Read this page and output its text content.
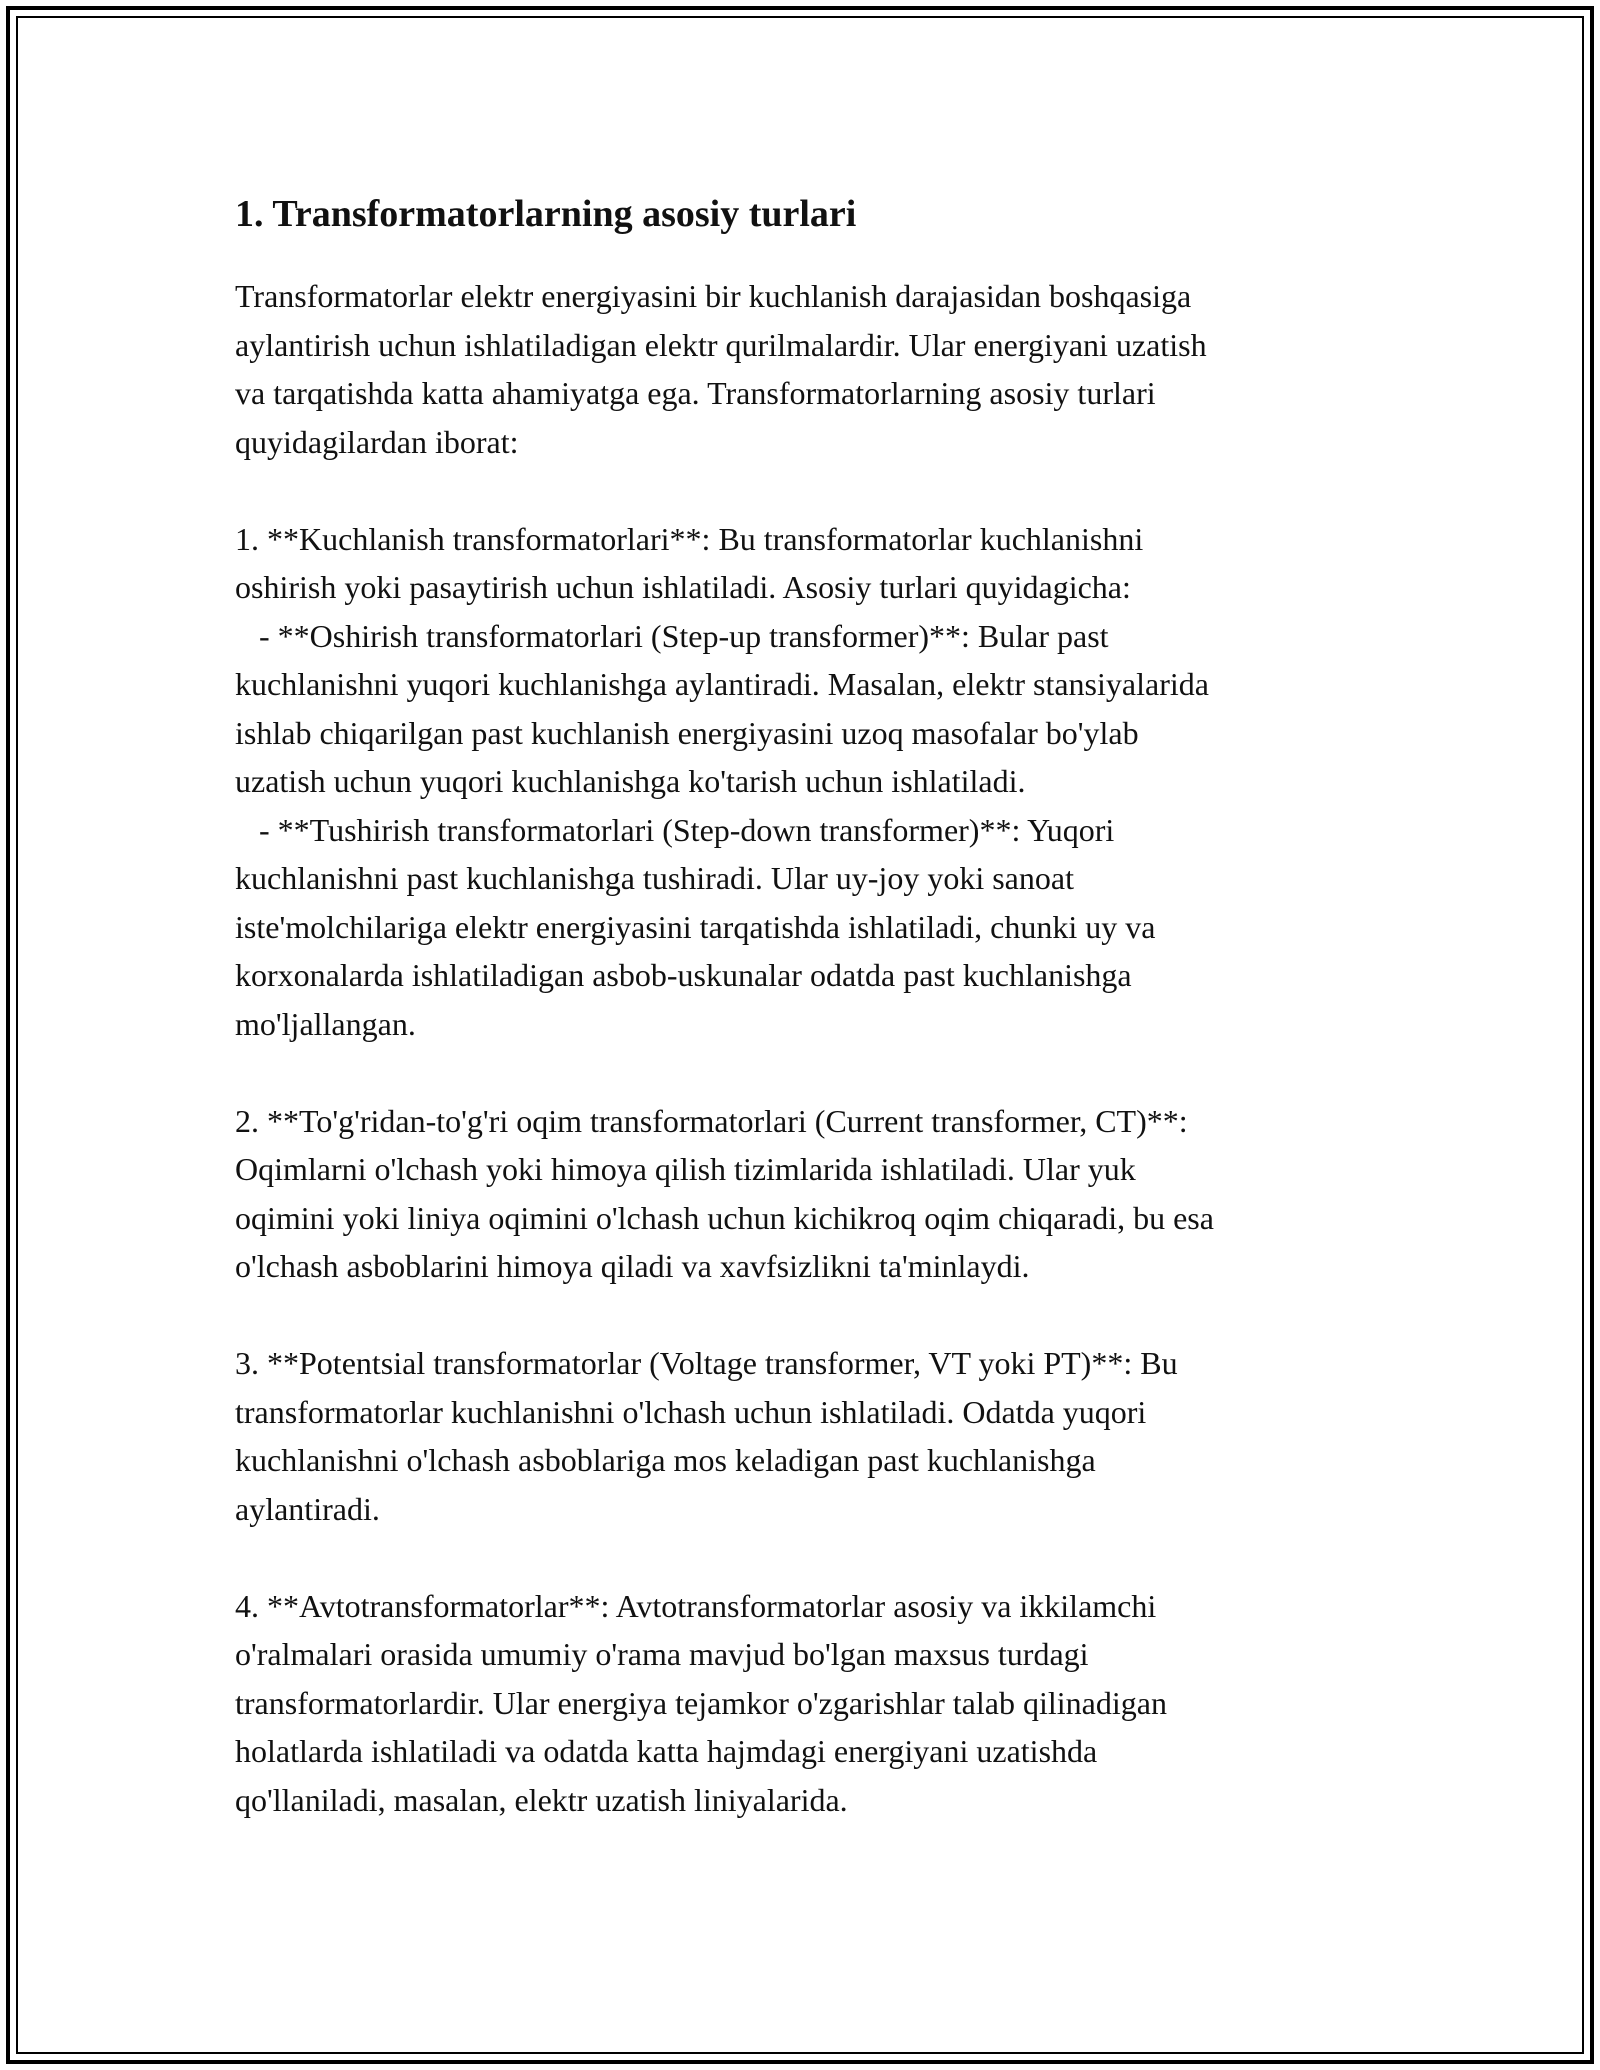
1. Transformatorlarning asosiy turlari

Transformatorlar elektr energiyasini bir kuchlanish darajasidan boshqasiga
aylantirish uchun ishlatiladigan elektr qurilmalardir. Ular energiyani uzatish
va tarqatishda katta ahamiyatga ega. Transformatorlarning asosiy turlari
quyidagilardan iborat:

1. **Kuchlanish transformatorlari**: Bu transformatorlar kuchlanishni
oshirish yoki pasaytirish uchun ishlatiladi. Asosiy turlari quyidagicha:
- **Oshirish transformatorlari (Step-up transformer)**: Bular past
kuchlanishni yuqori kuchlanishga aylantiradi. Masalan, elektr stansiyalarida
ishlab chiqarilgan past kuchlanish energiyasini uzoq masofalar bo'ylab
uzatish uchun yuqori kuchlanishga ko'tarish uchun ishlatiladi.
- **Tushirish transformatorlari (Step-down transformer)**: Yuqori
kuchlanishni past kuchlanishga tushiradi. Ular uy-joy yoki sanoat
iste'molchilariga elektr energiyasini tarqatishda ishlatiladi, chunki uy va
korxonalarda ishlatiladigan asbob-uskunalar odatda past kuchlanishga
mo'ljallangan.

2. **To'g'ridan-to'g'ri oqim transformatorlari (Current transformer, CT)**:
Oqimlarni o'lchash yoki himoya qilish tizimlarida ishlatiladi. Ular yuk
oqimini yoki liniya oqimini o'lchash uchun kichikroq oqim chiqaradi, bu esa
o'lchash asboblarini himoya qiladi va xavfsizlikni ta'minlaydi.

3. **Potentsial transformatorlar (Voltage transformer, VT yoki PT)**: Bu
transformatorlar kuchlanishni o'lchash uchun ishlatiladi. Odatda yuqori
kuchlanishni o'lchash asboblariga mos keladigan past kuchlanishga
aylantiradi.

4. **Avtotransformatorlar**: Avtotransformatorlar asosiy va ikkilamchi
o'ralmalari orasida umumiy o'rama mavjud bo'lgan maxsus turdagi
transformatorlardir. Ular energiya tejamkor o'zgarishlar talab qilinadigan
holatlarda ishlatiladi va odatda katta hajmdagi energiyani uzatishda
qo'llaniladi, masalan, elektr uzatish liniyalarida.
